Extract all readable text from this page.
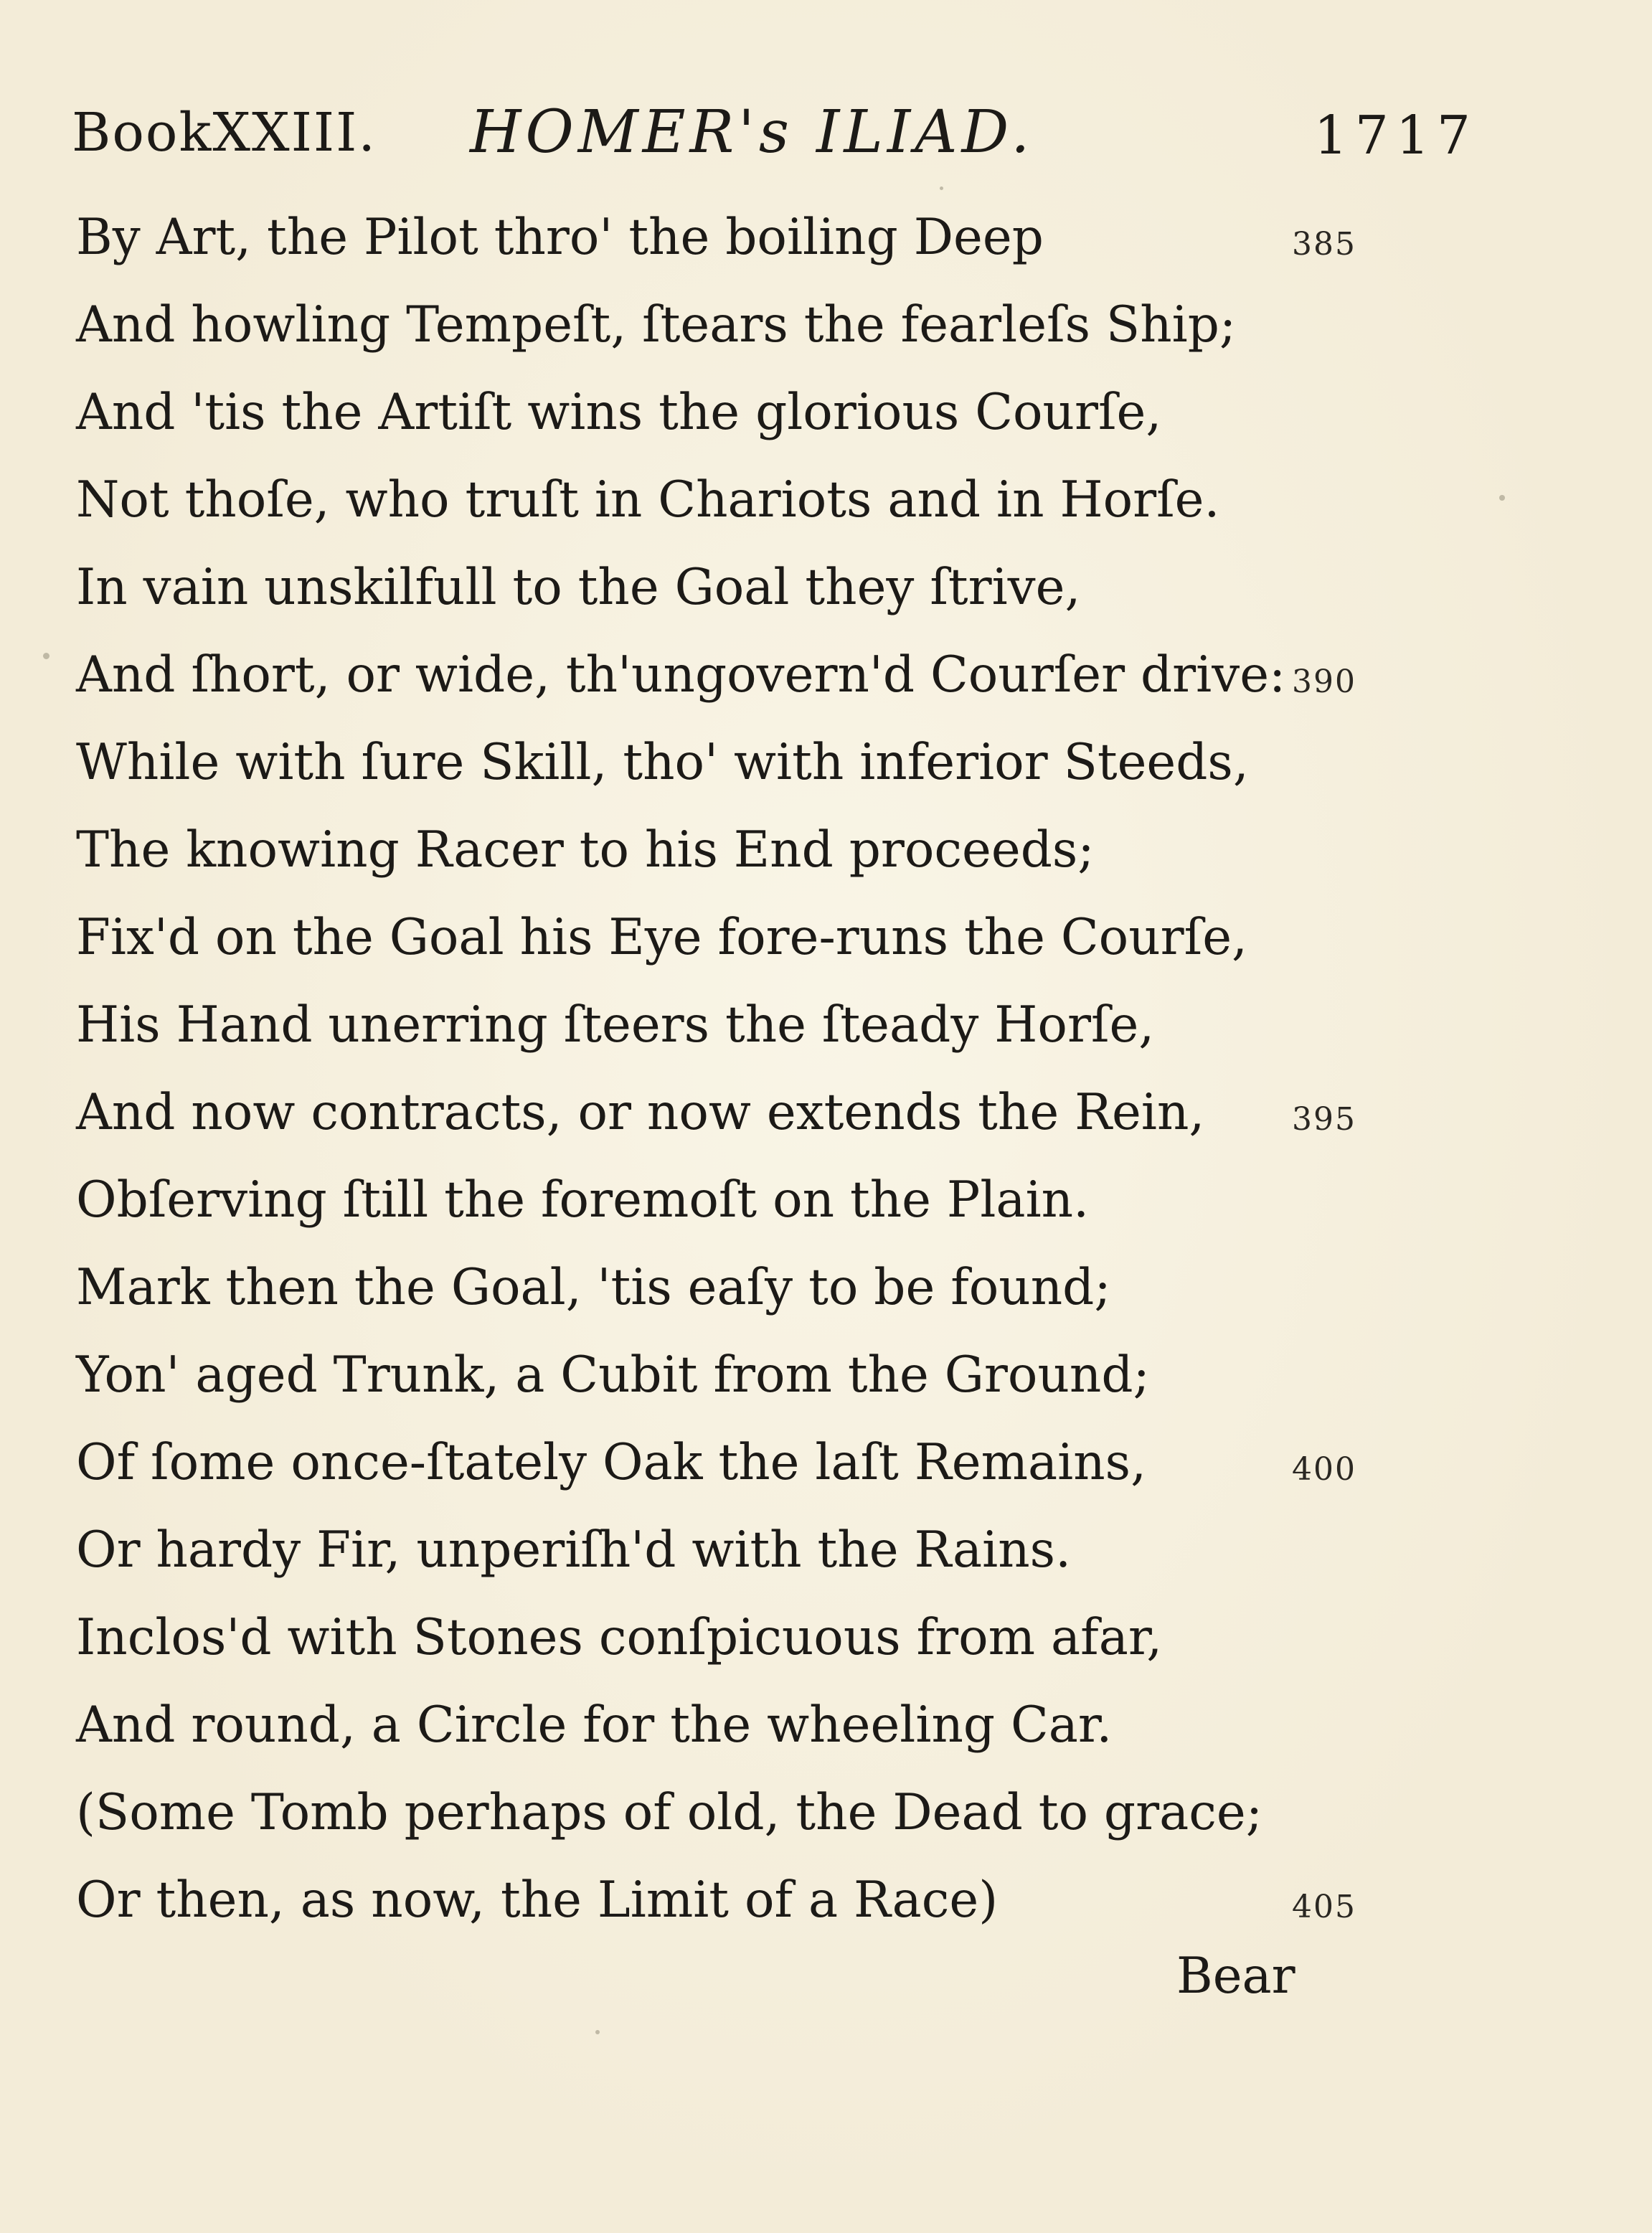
BookXXIII. HOMER's ILIAD.	1717
By Art, the Pilot thro' the boiling Deep	385
And howling Tempeſt, ſtears the fearleſs Ship;
And 'tis the Artiſt wins the glorious Courſe,
Not thoſe, who truſt in Chariots and in Horſe.
In vain unskilfull to the Goal they ſtrive,
And ſhort, or wide, th'ungovern'd Courſer drive: 390
While with ſure Skill, tho' with inferior Steeds,
The knowing Racer to his End proceeds;
Fix'd on the Goal his Eye fore-runs the Courſe,
His Hand unerring ſteers the ſteady Horſe,
And now contracts, or now extends the Rein,	395
Obſerving ſtill the foremoſt on the Plain.
Mark then the Goal, 'tis eaſy to be found;
Yon' aged Trunk, a Cubit from the Ground;
Of ſome once-ſtately Oak the laſt Remains,	400
Or hardy Fir, unperiſh'd with the Rains.
Inclos'd with Stones conſpicuous from afar,
And round, a Circle for the wheeling Car.
(Some Tomb perhaps of old, the Dead to grace;
Or then, as now, the Limit of a Race)	405
Bear
